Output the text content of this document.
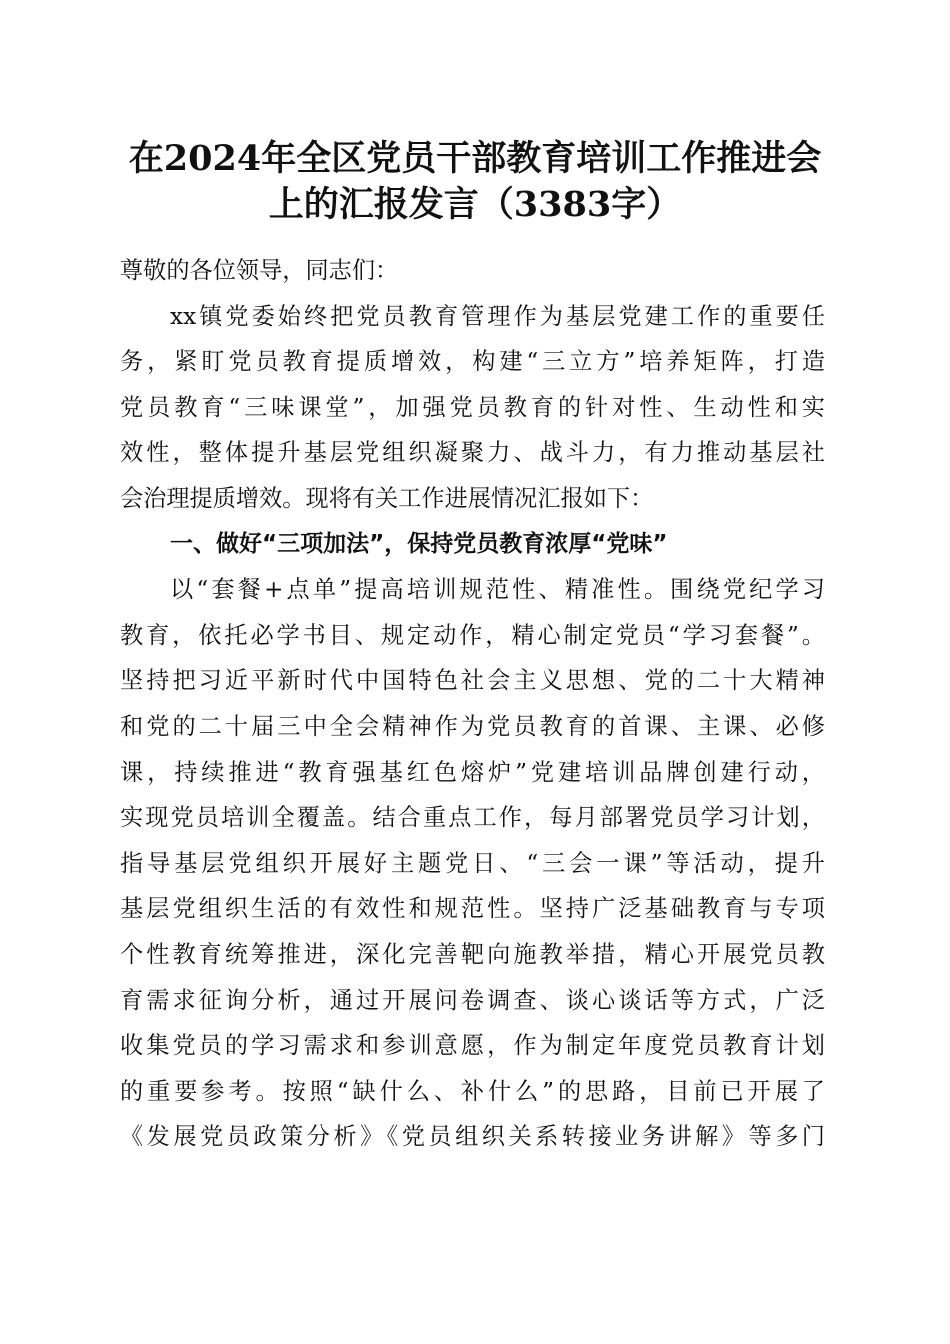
在2024年全区党员干部教育培训工作推进会
上的汇报发言（3383字）
尊敬的各位领导，同志们：
xx镇党委始终把党员教育管理作为基层党建工作的重要任
务，紧盯党员教育提质增效，构建“三立方”培养矩阵，打造
党员教育“三味课堂”，加强党员教育的针对性、生动性和实
效性，整体提升基层党组织凝聚力、战斗力，有力推动基层社
会治理提质增效。现将有关工作进展情况汇报如下：
一、做好“三项加法”，保持党员教育浓厚“党味”
以“套餐+点单”提高培训规范性、精准性。围绕党纪学习
教育，依托必学书目、规定动作，精心制定党员“学习套餐”。
坚持把习近平新时代中国特色社会主义思想、党的二十大精神
和党的二十届三中全会精神作为党员教育的首课、主课、必修
课，持续推进“教育强基红色熔炉”党建培训品牌创建行动，
实现党员培训全覆盖。结合重点工作，每月部署党员学习计划，
指导基层党组织开展好主题党日、“三会一课”等活动，提升
基层党组织生活的有效性和规范性。坚持广泛基础教育与专项
个性教育统筹推进，深化完善靶向施教举措，精心开展党员教
育需求征询分析，通过开展问卷调查、谈心谈话等方式，广泛
收集党员的学习需求和参训意愿，作为制定年度党员教育计划
的重要参考。按照“缺什么、补什么”的思路，目前已开展了
《发展党员政策分析》《党员组织关系转接业务讲解》等多门
